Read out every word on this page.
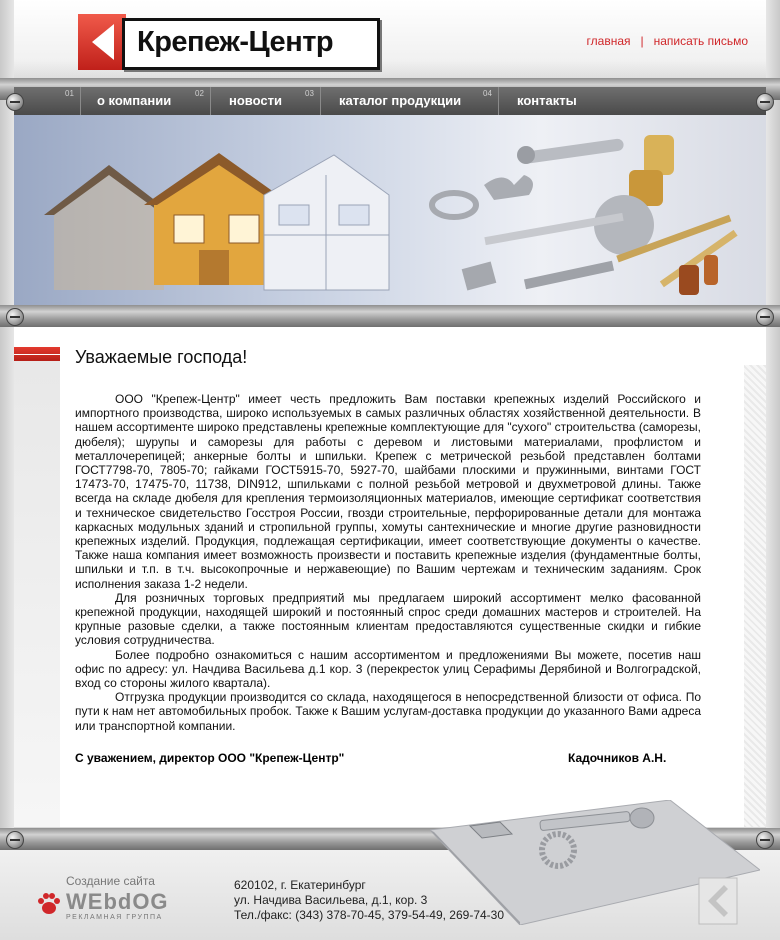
Крепеж-Центр	главная | написать письмо
01 о компании	02 новости	03 каталог продукции	04 контакты
Уважаемые господа!

ООО "Крепеж-Центр" имеет честь предложить Вам поставки крепежных изделий Российского и импортного производства, широко используемых в самых различных областях хозяйственной деятельности. В нашем ассортименте широко представлены крепежные комплектующие для "сухого" строительства (саморезы, дюбеля); шурупы и саморезы для работы с деревом и листовыми материалами, профлистом и металлочерепицей; анкерные болты и шпильки. Крепеж с метрической резьбой представлен болтами ГОСТ7798-70, 7805-70; гайками ГОСТ5915-70, 5927-70, шайбами плоскими и пружинными, винтами ГОСТ 17473-70, 17475-70, 11738, DIN912, шпильками с полной резьбой метровой и двухметровой длины. Также всегда на складе дюбеля для крепления термоизоляционных материалов, имеющие сертификат соответствия и техническое свидетельство Госстроя России, гвозди строительные, перфорированные детали для монтажа каркасных модульных зданий и стропильной группы, хомуты сантехнические и многие другие разновидности крепежных изделий. Продукция, подлежащая сертификации, имеет соответствующие документы о качестве. Также наша компания имеет возможность произвести и поставить крепежные изделия (фундаментные болты, шпильки и т.п. в т.ч. высокопрочные и нержавеющие) по Вашим чертежам и техническим заданиям. Срок исполнения заказа 1-2 недели.

Для розничных торговых предприятий мы предлагаем широкий ассортимент мелко фасованной крепежной продукции, находящей широкий и постоянный спрос среди домашних мастеров и строителей. На крупные разовые сделки, а также постоянным клиентам предоставляются существенные скидки и гибкие условия сотрудничества.

Более подробно ознакомиться с нашим ассортиментом и предложениями Вы можете, посетив наш офис по адресу: ул. Начдива Васильева д.1 кор. 3 (перекресток улиц Серафимы Дерябиной и Волгоградской, вход со стороны жилого квартала).

Отгрузка продукции производится со склада, находящегося в непосредственной близости от офиса. По пути к нам нет автомобильных пробок. Также к Вашим услугам-доставка продукции до указанного Вами адреса или транспортной компании.

С уважением, директор ООО "Крепеж-Центр"	Кадочников А.Н.
Создание сайта
WEbdOG
РЕКЛАМНАЯ ГРУППА
620102, г. Екатеринбург
ул. Начдива Васильева, д.1, кор. 3
Тел./факс: (343) 378-70-45, 379-54-49, 269-74-30
